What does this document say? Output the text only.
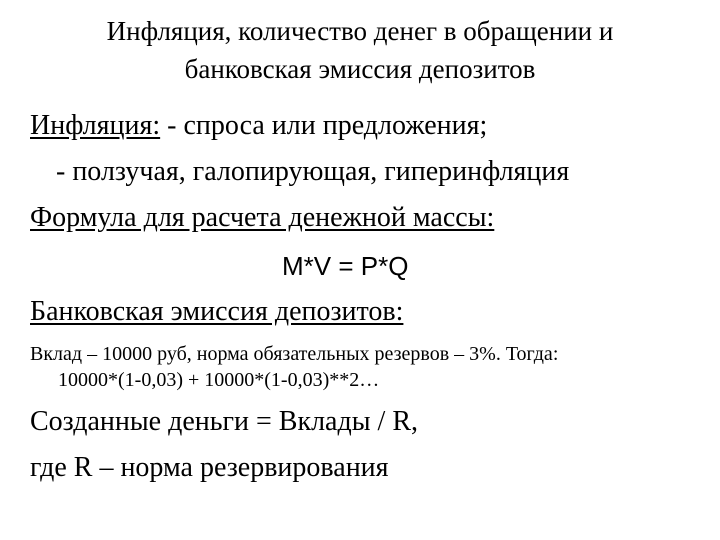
Инфляция, количество денег в обращении и
банковская эмиссия депозитов
Инфляция: - спроса или предложения;
- ползучая, галопирующая, гиперинфляция
Формула для расчета денежной массы:
M*V = P*Q
Банковская эмиссия депозитов:
Вклад – 10000 руб, норма обязательных резервов – 3%. Тогда:
10000*(1-0,03) + 10000*(1-0,03)**2…
Созданные деньги = Вклады / R,
где R – норма резервирования
